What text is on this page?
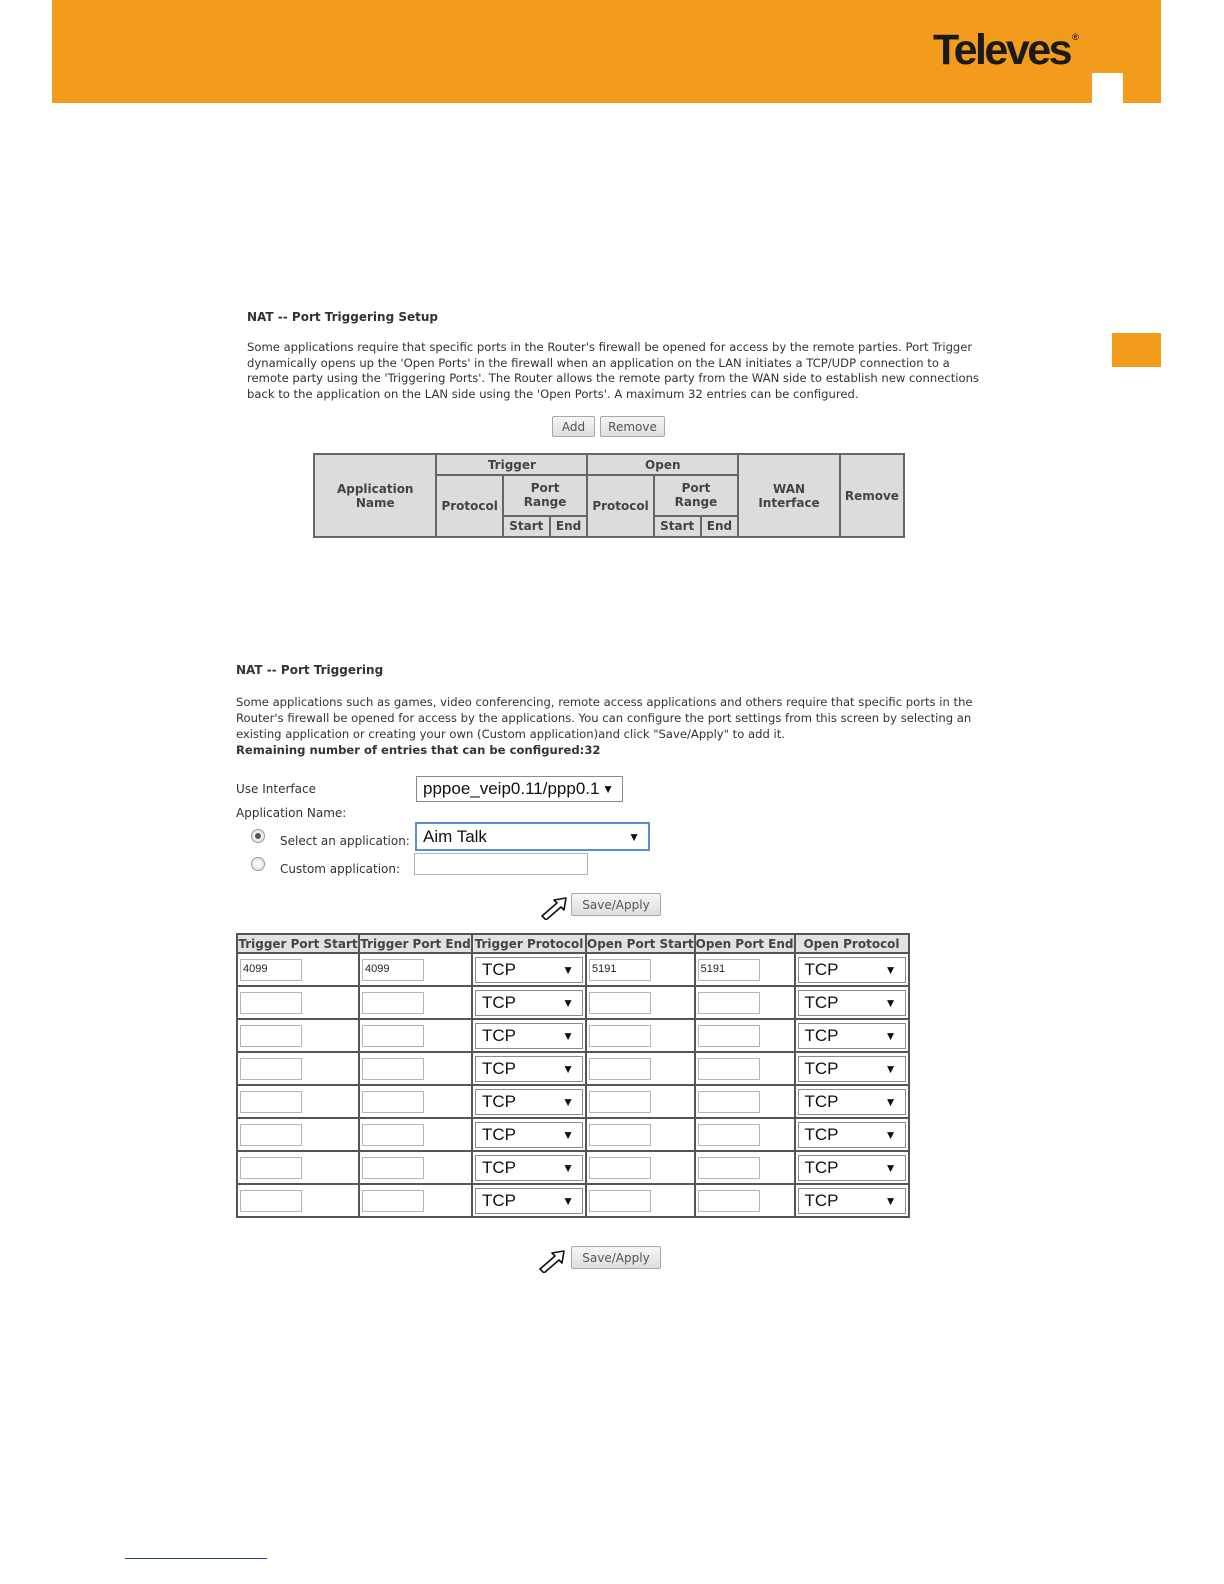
Televes ®
NAT -- Port Triggering Setup
Some applications require that specific ports in the Router's firewall be opened for access by the remote parties. Port Trigger
dynamically opens up the 'Open Ports' in the firewall when an application on the LAN initiates a TCP/UDP connection to a
remote party using the 'Triggering Ports'. The Router allows the remote party from the WAN side to establish new connections
back to the application on the LAN side using the 'Open Ports'. A maximum 32 entries can be configured.
Add	Remove
Application Name	Trigger			Open			WAN Interface	Remove
	Protocol	Port Range		Protocol	Port Range			
		Start	End		Start	End		
NAT -- Port Triggering
Some applications such as games, video conferencing, remote access applications and others require that specific ports in the
Router's firewall be opened for access by the applications. You can configure the port settings from this screen by selecting an
existing application or creating your own (Custom application)and click "Save/Apply" to add it.
Remaining number of entries that can be configured:32
Use Interface	pppoe_veip0.11/ppp0.1 ▼
Application Name:
Select an application: Aim Talk	▼
Custom application:
Save/Apply
Trigger Port Start	Trigger Port End	Trigger Protocol	Open Port Start	Open Port End	Open Protocol

4099	4099	TCP ▼	5191	5191	TCP ▼

		TCP ▼			TCP ▼

		TCP ▼			TCP ▼

		TCP ▼			TCP ▼

		TCP ▼			TCP ▼

		TCP ▼			TCP ▼

		TCP ▼			TCP ▼

		TCP ▼			TCP ▼
Save/Apply
